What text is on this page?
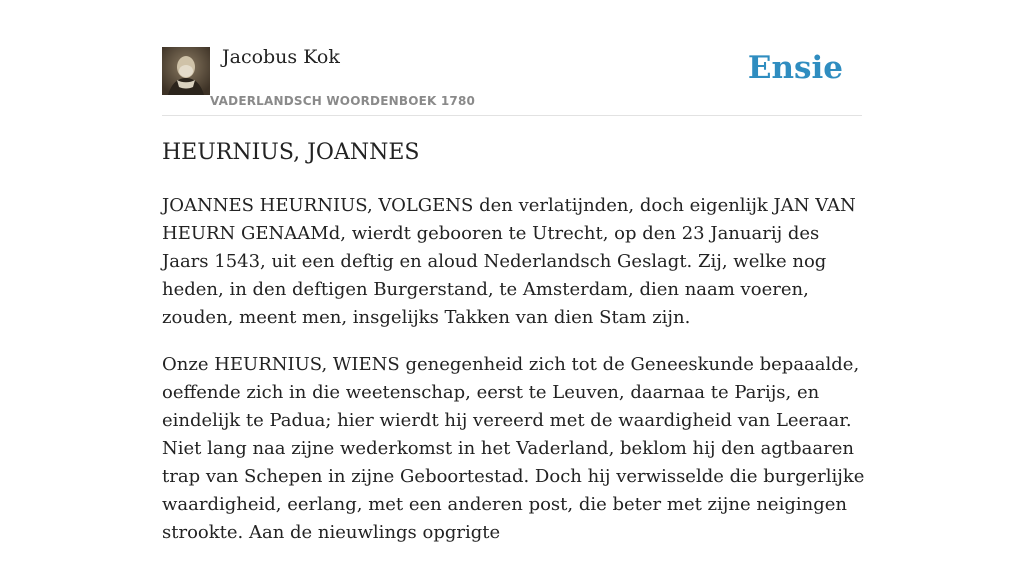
Jacobus Kok
VADERLANDSCH WOORDENBOEK 1780
Ensie
HEURNIUS, JOANNES

JOANNES HEURNIUS, VOLGENS den verlatijnden, doch eigenlijk JAN VAN HEURN GENAAMd, wierdt gebooren te Utrecht, op den 23 Januarij des Jaars 1543, uit een deftig en aloud Nederlandsch Geslagt. Zij, welke nog heden, in den deftigen Burgerstand, te Amsterdam, dien naam voeren, zouden, meent men, insgelijks Takken van dien Stam zijn.

Onze HEURNIUS, WIENS genegenheid zich tot de Geneeskunde bepaaalde, oeffende zich in die weetenschap, eerst te Leuven, daarnaa te Parijs, en eindelijk te Padua; hier wierdt hij vereerd met de waardigheid van Leeraar. Niet lang naa zijne wederkomst in het Vaderland, beklom hij den agtbaaren trap van Schepen in zijne Geboortestad. Doch hij verwisselde die burgerlijke waardigheid, eerlang, met een anderen post, die beter met zijne neigingen strookte. Aan de nieuwlings opgrigte
